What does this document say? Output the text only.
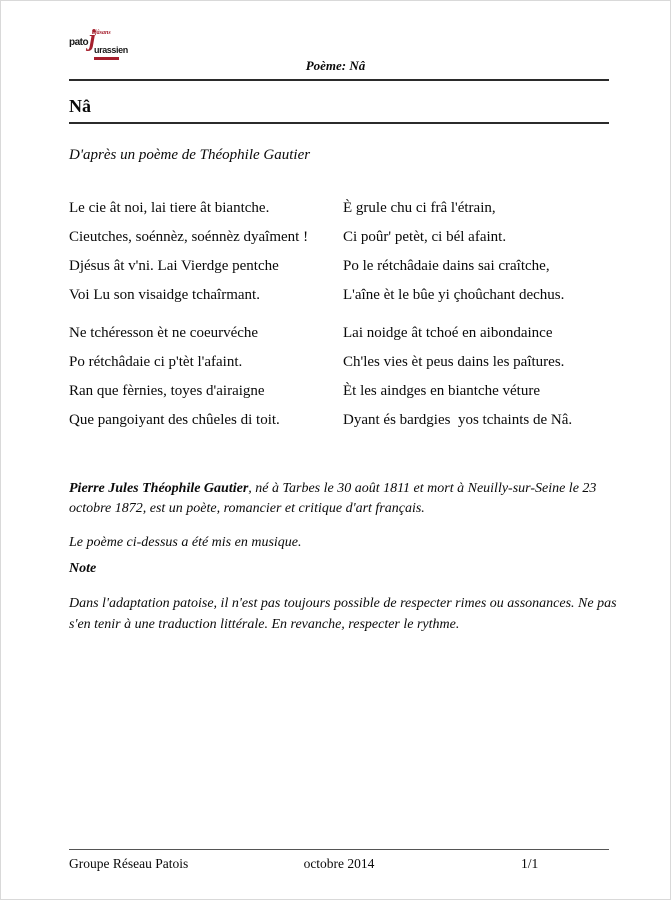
djâsans
pato j
urassien
Poème: Nâ
Nâ
D'après un poème de Théophile Gautier

Le cie ât noi, lai tiere ât biantche.

Cieutches, soénnèz, soénnèz dyaîment !

Djésus ât v'ni. Lai Vierdge pentche

Voi Lu son visaidge tchaîrmant.

È grule chu ci frâ l'étrain,

Ci poûr' petèt, ci bél afaint.

Po le rétchâdaie dains sai craîtche,

L'aîne èt le bûe yi çhoûchant dechus.

Ne tchéresson èt ne coeurvéche

Po rétchâdaie ci p'tèt l'afaint.

Ran que fèrnies, toyes d'airaigne

Que pangoiyant des chûeles di toit.

Lai noidge ât tchoé en aibondaince

Ch'les vies èt peus dains les paîtures.

Èt les aindges en biantche véture

Dyant és bardgies  yos tchaints de Nâ.

Pierre Jules Théophile Gautier, né à Tarbes le 30 août 1811 et mort à Neuilly-sur-Seine le 23 octobre 1872, est un poète, romancier et critique d'art français.
Le poème ci-dessus a été mis en musique.
Note
Dans l'adaptation patoise, il n'est pas toujours possible de respecter rimes ou assonances. Ne pas s'en tenir à une traduction littérale. En revanche, respecter le rythme.
Groupe Réseau Patois	octobre 2014	1/1
